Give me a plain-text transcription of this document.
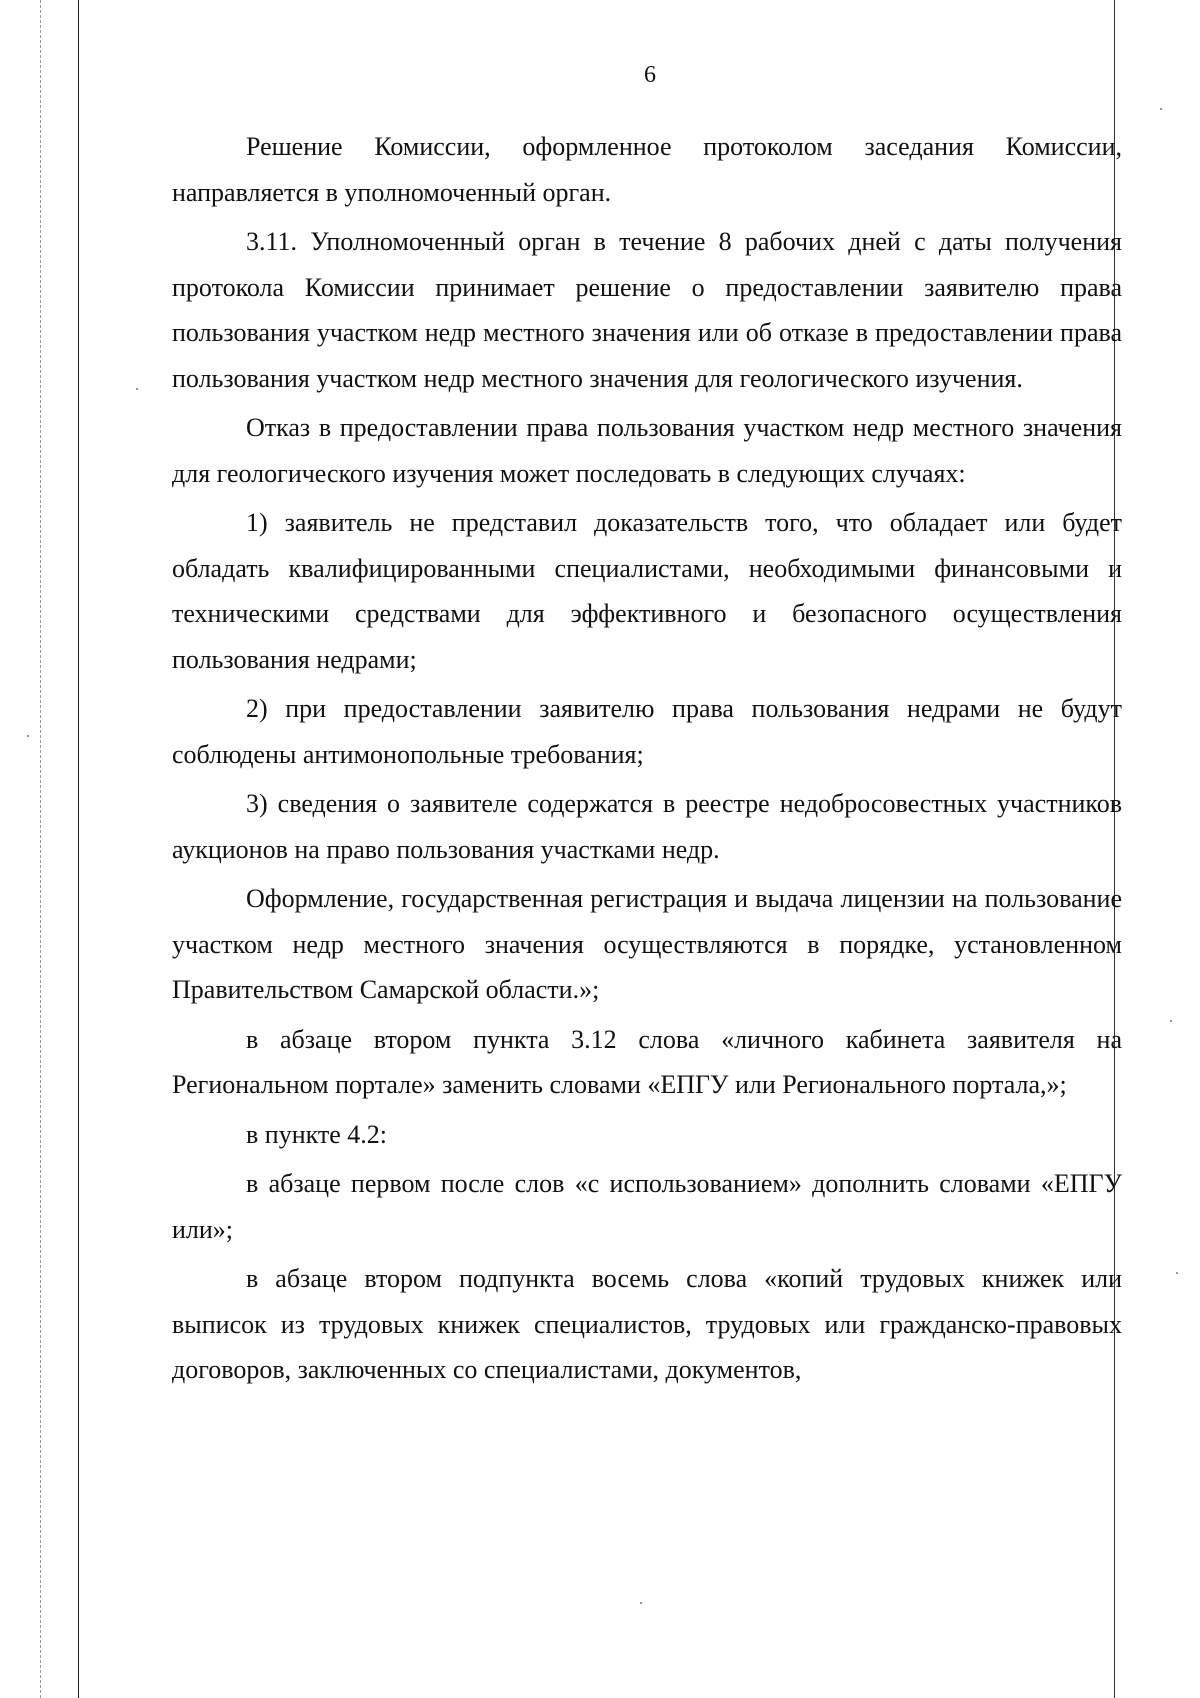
6

Решение Комиссии, оформленное протоколом заседания Комиссии, направляется в уполномоченный орган.

3.11. Уполномоченный орган в течение 8 рабочих дней с даты получения протокола Комиссии принимает решение о предоставлении заявителю права пользования участком недр местного значения или об отказе в предоставлении права пользования участком недр местного значения для геологического изучения.

Отказ в предоставлении права пользования участком недр местного значения для геологического изучения может последовать в следующих случаях:

1) заявитель не представил доказательств того, что обладает или будет обладать квалифицированными специалистами, необходимыми финансовыми и техническими средствами для эффективного и безопасного осуществления пользования недрами;

2) при предоставлении заявителю права пользования недрами не будут соблюдены антимонопольные требования;

3) сведения о заявителе содержатся в реестре недобросовестных участников аукционов на право пользования участками недр.

Оформление, государственная регистрация и выдача лицензии на пользование участком недр местного значения осуществляются в порядке, установленном Правительством Самарской области.»;

в абзаце втором пункта 3.12 слова «личного кабинета заявителя на Региональном портале» заменить словами «ЕПГУ или Регионального портала,»;

в пункте 4.2:

в абзаце первом после слов «с использованием» дополнить словами «ЕПГУ или»;

в абзаце втором подпункта восемь слова «копий трудовых книжек или выписок из трудовых книжек специалистов, трудовых или гражданско-правовых договоров, заключенных со специалистами, документов,
